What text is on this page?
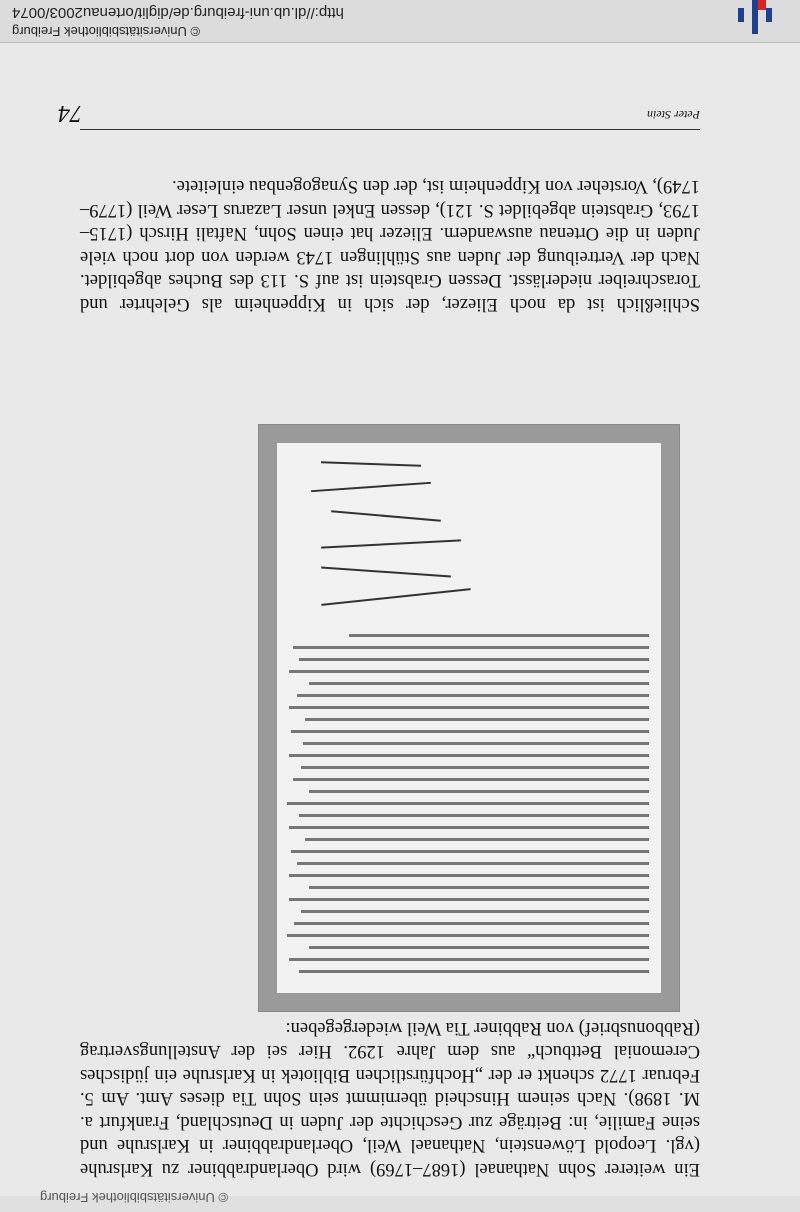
© Universitätsbibliothek Freiburg
http://dl.ub.uni-freiburg.de/diglit/ortenau2003/0074
Ein weiterer Sohn Nathanael (1687–1769) wird Oberlandrabbiner zu Karlsruhe (vgl. Leopold Löwenstein, Nathanael Weil, Oberlandrabbiner in Karlsruhe und seine Familie, in: Beiträge zur Geschichte der Juden in Deutschland, Frankfurt a. M. 1898). Nach seinem Hinscheid übernimmt sein Sohn Tia dieses Amt. Am 5. Februar 1772 schenkt er der „Hochfürstlichen Bibliotek in Karlsruhe ein jüdisches Ceremonial Bettbuch“ aus dem Jahre 1292. Hier sei der Anstellungsvertrag (Rabbonusbrief) von Rabbiner Tia Weil wiedergegeben:
Schließlich ist da noch Eliezer, der sich in Kippenheim als Gelehrter und Toraschreiber niederlässt. Dessen Grabstein ist auf S. 113 des Buches abgebildet. Nach der Vertreibung der Juden aus Stühlingen 1743 werden von dort noch viele Juden in die Ortenau auswandern. Eliezer hat einen Sohn, Naftali Hirsch (1715–1793, Grabstein abgebildet S. 121), dessen Enkel unser Lazarus Leser Weil (1779–1749), Vorsteher von Kippenheim ist, der den Synagogenbau einleitete.
Peter Stein
74
© Universitätsbibliothek Freiburg
